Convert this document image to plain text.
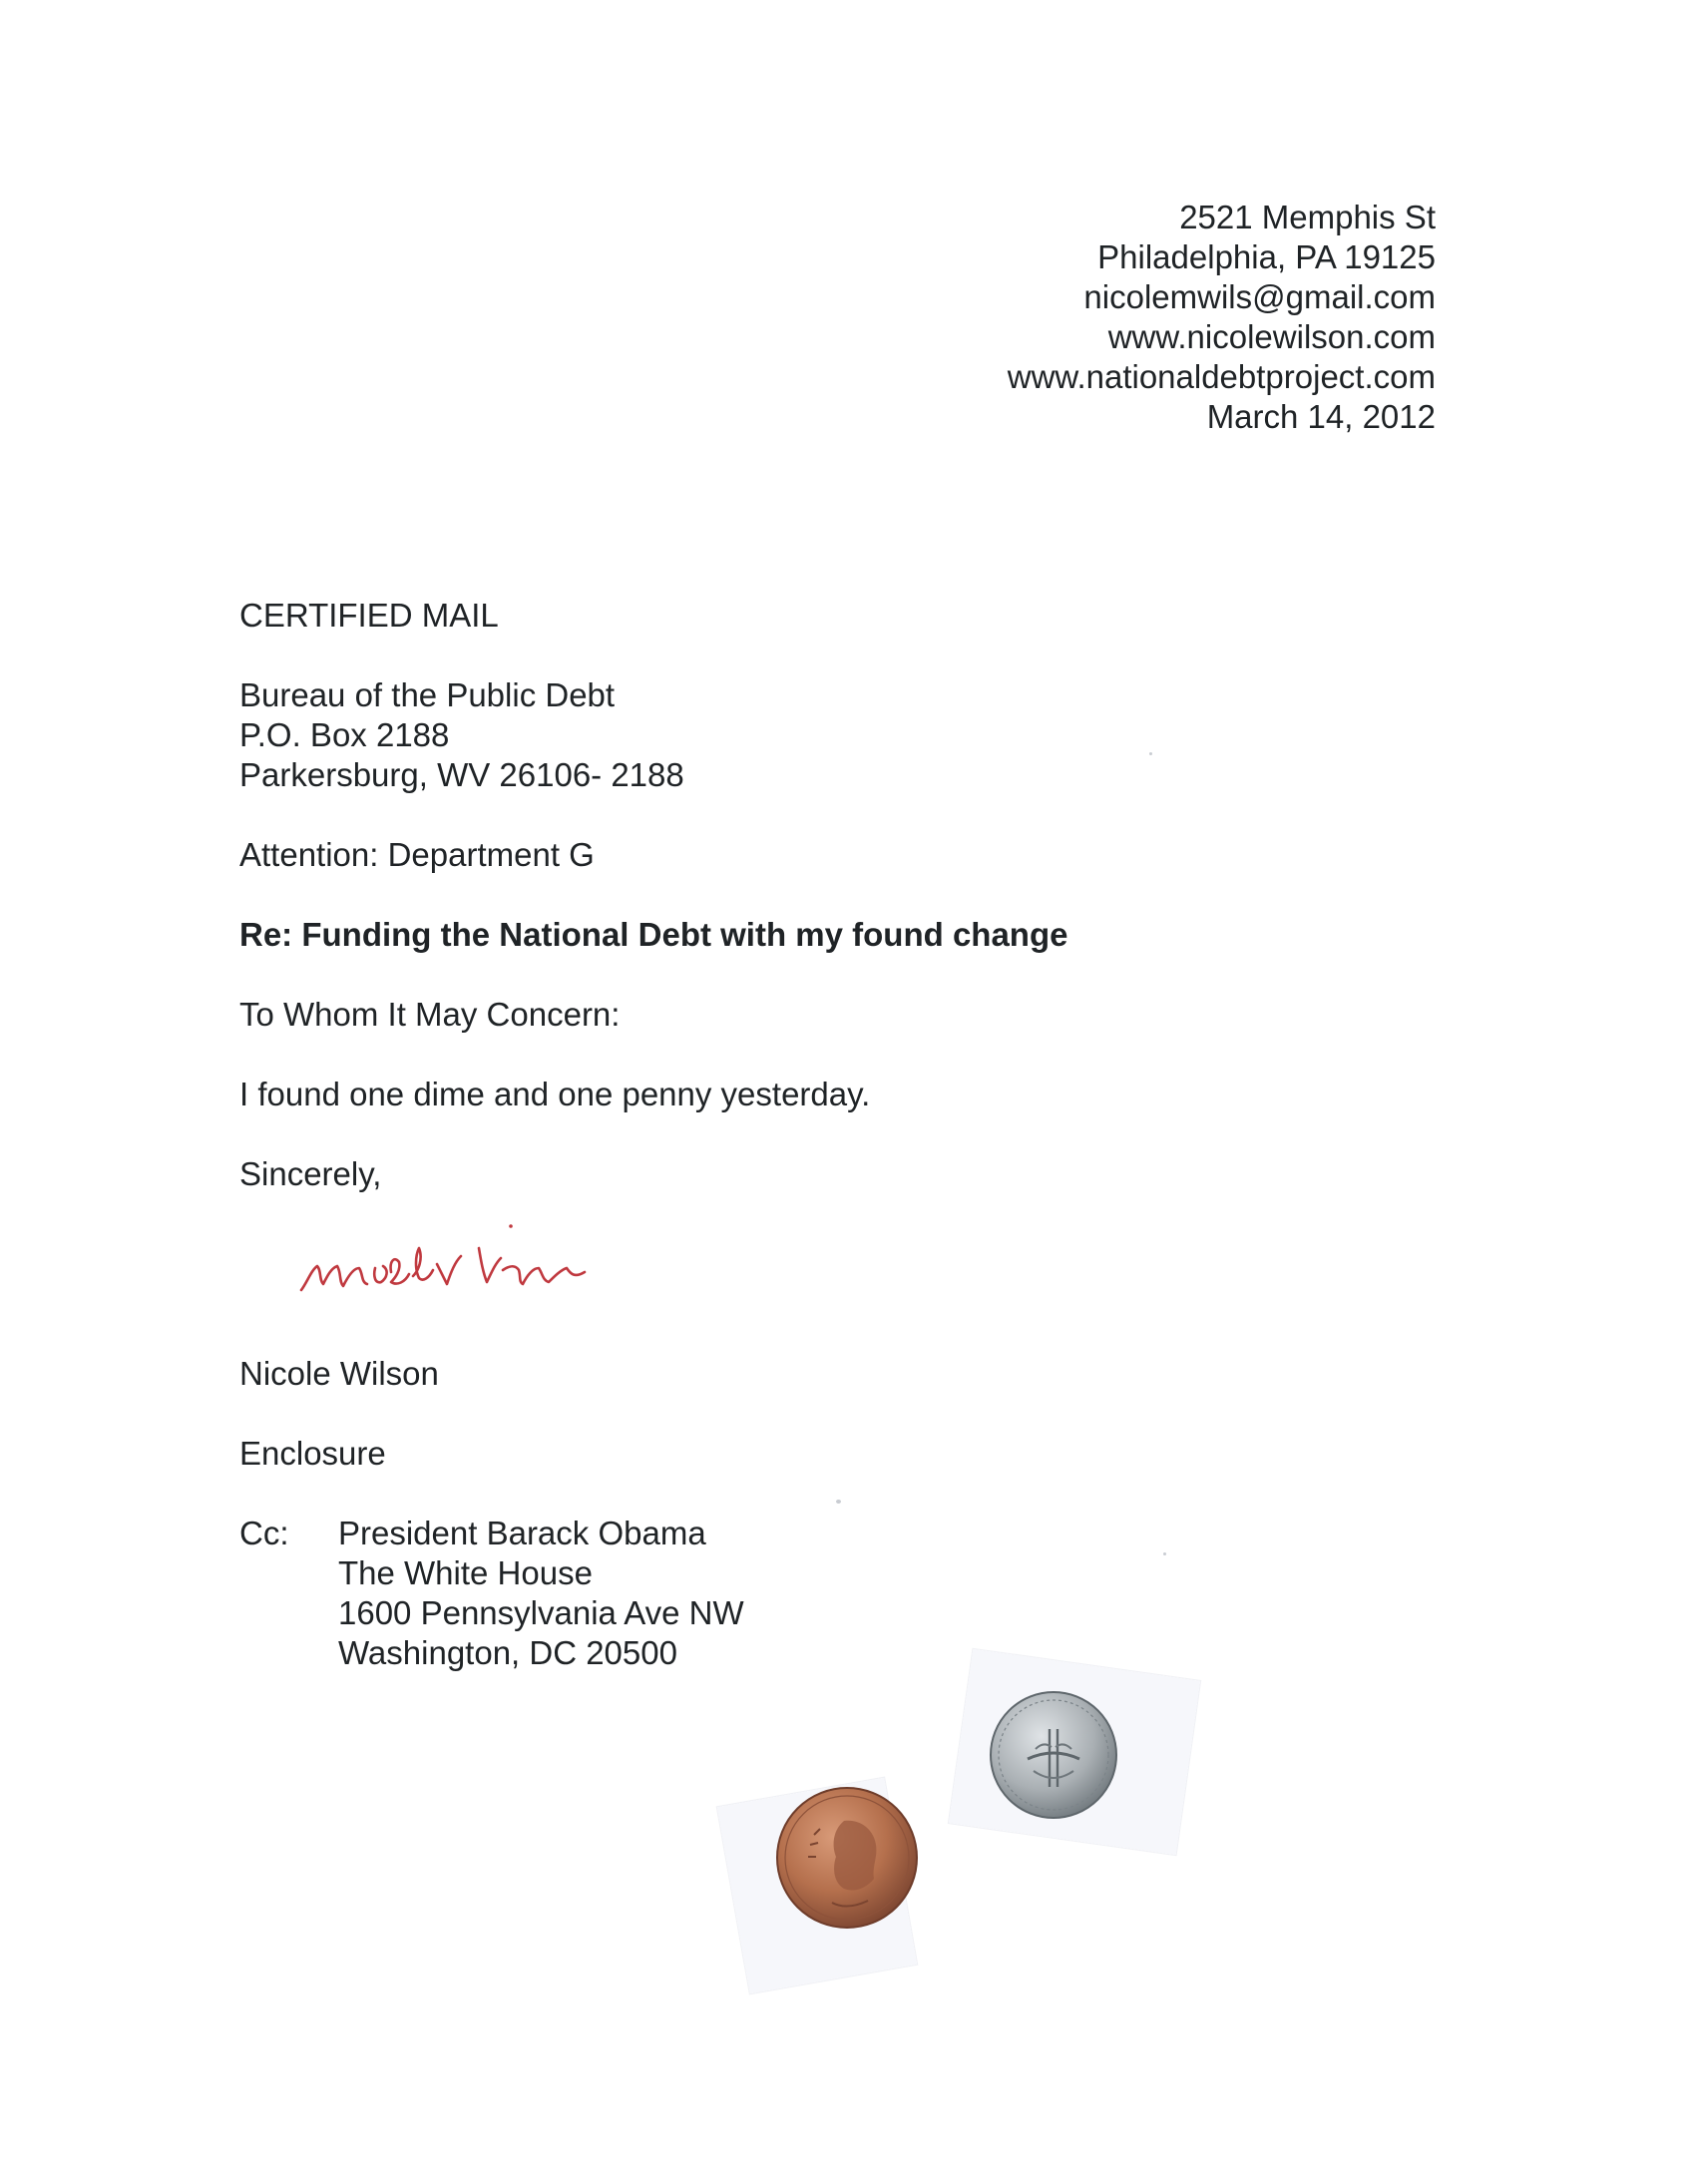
2521 Memphis St
Philadelphia, PA 19125
nicolemwils@gmail.com
www.nicolewilson.com
www.nationaldebtproject.com
March 14, 2012
CERTIFIED MAIL
Bureau of the Public Debt
P.O. Box 2188
Parkersburg, WV 26106- 2188
Attention: Department G
Re: Funding the National Debt with my found change
To Whom It May Concern:
I found one dime and one penny yesterday.
Sincerely,
Nicole Wilson
Enclosure
Cc: President Barack Obama
The White House
1600 Pennsylvania Ave NW
Washington, DC 20500
